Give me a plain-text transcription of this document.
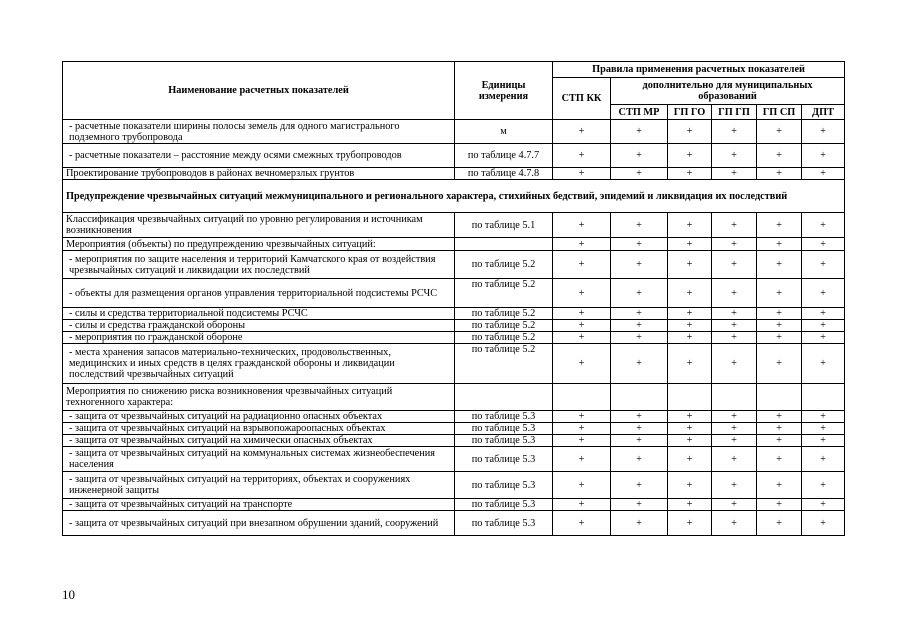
Наименование расчетных показателей	Единицы измерения	Правила применения расчетных показателей					
		СТП КК	дополнительно для муниципальных образований				
			СТП МР	ГП ГО	ГП ГП	ГП СП	ДПТ
- расчетные показатели ширины полосы земель для одного магистрального подземного трубопровода	м	+	+	+	+	+	+
- расчетные показатели – расстояние между осями смежных трубопроводов	по таблице 4.7.7	+	+	+	+	+	+
Проектирование трубопроводов в районах вечномерзлых грунтов	по таблице 4.7.8	+	+	+	+	+	+
Предупреждение чрезвычайных ситуаций межмуниципального и регионального характера, стихийных бедствий, эпидемий и ликвидация их последствий							
Классификация чрезвычайных ситуаций по уровню регулирования и источникам возникновения	по таблице 5.1	+	+	+	+	+	+
Мероприятия (объекты) по предупреждению чрезвычайных ситуаций:		+	+	+	+	+	+
- мероприятия по защите населения и территорий Камчатского края от воздействия чрезвычайных ситуаций и ликвидации их последствий	по таблице 5.2	+	+	+	+	+	+
- объекты для размещения органов управления территориальной подсистемы РСЧС	по таблице 5.2	+	+	+	+	+	+
- силы и средства территориальной подсистемы РСЧС	по таблице 5.2	+	+	+	+	+	+
- силы и средства гражданской обороны	по таблице 5.2	+	+	+	+	+	+
- мероприятия по гражданской обороне	по таблице 5.2	+	+	+	+	+	+
- места хранения запасов материально-технических, продовольственных, медицинских и иных средств в целях гражданской обороны и ликвидации последствий чрезвычайных ситуаций	по таблице 5.2	+	+	+	+	+	+
Мероприятия по снижению риска возникновения чрезвычайных ситуаций техногенного характера:							
- защита от чрезвычайных ситуаций на радиационно опасных объектах	по таблице 5.3	+	+	+	+	+	+
- защита от чрезвычайных ситуаций на взрывопожароопасных объектах	по таблице 5.3	+	+	+	+	+	+
- защита от чрезвычайных ситуаций на химически опасных объектах	по таблице 5.3	+	+	+	+	+	+
- защита от чрезвычайных ситуаций на коммунальных системах жизнеобеспечения населения	по таблице 5.3	+	+	+	+	+	+
- защита от чрезвычайных ситуаций на территориях, объектах и сооружениях инженерной защиты	по таблице 5.3	+	+	+	+	+	+
- защита от чрезвычайных ситуаций на транспорте	по таблице 5.3	+	+	+	+	+	+
- защита от чрезвычайных ситуаций при внезапном обрушении зданий, сооружений	по таблице 5.3	+	+	+	+	+	+
10
